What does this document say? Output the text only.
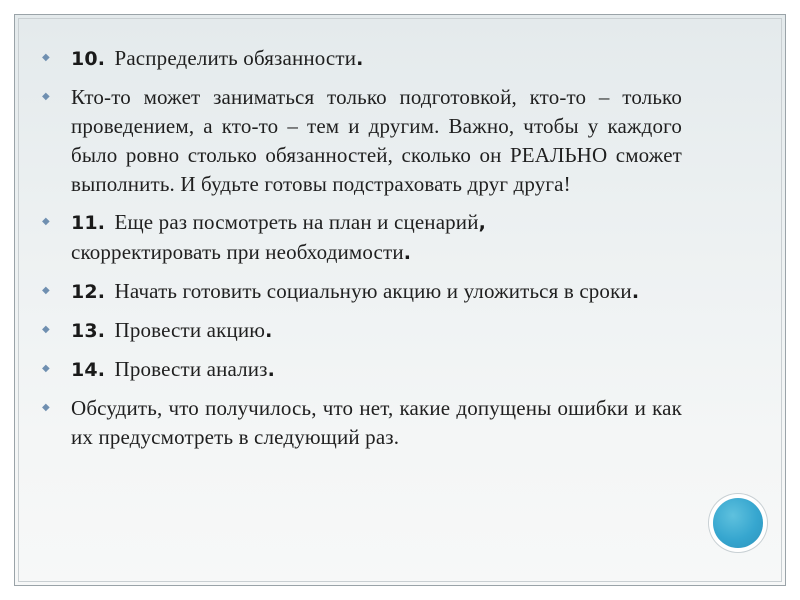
◆ 10. Распределить обязанности.
◆ Кто-то может заниматься только подготовкой, кто-то – только проведением, а кто-то – тем и другим. Важно, чтобы у каждого было ровно столько обязанностей, сколько он РЕАЛЬНО сможет выполнить. И будьте готовы подстраховать друг друга!
◆ 11. Еще раз посмотреть на план и сценарий,
скорректировать при необходимости.
◆ 12. Начать готовить социальную акцию и уложиться в сроки.
◆ 13. Провести акцию.
◆ 14. Провести анализ.
◆ Обсудить, что получилось, что нет, какие допущены ошибки и как их предусмотреть в следующий раз.
